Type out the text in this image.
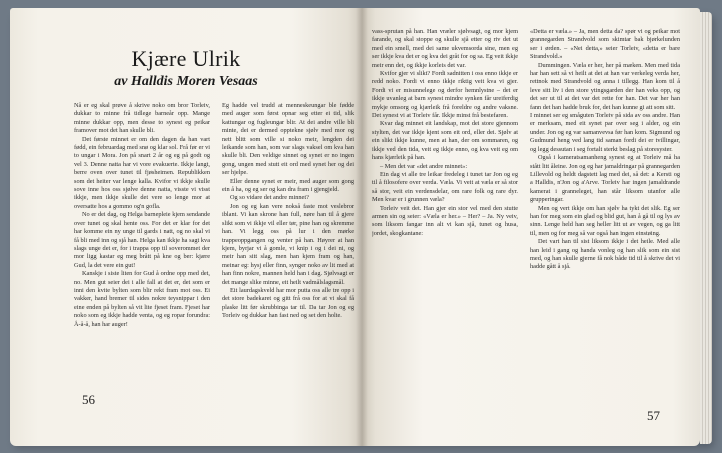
Kjære Ulrik
av Halldis Moren Vesaas

Nå er eg skal prøve å skrive noko om bror Torleiv, dukkar to minne frå tidlege barneår opp. Mange minne dukkar opp, men desse to synest eg peikar framover mot det han skulle bli.

Det første minnet er om den dagen da han vart fødd, ein februardag med snø og klar sol. Frå før er vi to ungar i Mora. Jon på snart 2 år og eg på godt og vel 3. Denne natta har vi vore evakuerte. Ikkje langt, berre oven over tunet til fjøsheimen. Republikken som det heiter var lenge kalla. Kvifor vi ikkje skulle sove inne hos oss sjølve denne natta, visste vi visst ikkje, men ikkje skulle det vere so lenge mor at oversatte hos a gommo og'n gofla.

No er dei dag, og Helga barnepleie kjem sendande over tunet og skal hente oss. For det er klar for det har komme ein ny unge til gards i natt, og no skal vi få bli med inn og sjå han. Helga kan ikkje ha sagt kva slags unge det er, for i trappa opp til soverommet der mor ligg kastar eg meg brått på kne og ber: kjære Gud, la det vere ein gut!

Kanskje i siste liten for Gud å ordne opp med det, no. Men gut seier dei i alle fall at det er, det som er inni den kvite bylten som blir rekt fram mot oss. Ei vakker, hand bremer til sides nokre teysnippar i den eine enden på bylten så vit lite fjeset fram. Fjeset har noko som eg ikkje hadde venta, og eg ropar forundra: Å-å-å, han har auger!

Eg hadde vel trudd at menneskeungar ble fødde med auger som først opnar seg etter ei tid, slik kattungar og fugleungar blir. At dei andre ville bli minte, dei er dermed opptekne sjølv med mor og nett blitt som ville si noko meir, lengden dei leikande som han, som var slags vaksel om kva han skulle bli. Den veldige sinnet og synet er no ingen gong, ungen med stutt eit ord med synet her og dei ser hjelpe.

Eller denne synet er meir, med auger som gong ein å ha, og eg ser og kan dra fram i gjengjeld.

Og so vidare det andre minnet?

Jon og eg kan vere nokså faste mot veslebror iblant. Vi kan skrone han full, nøre han til å gjere slikt som vi ikkje vil eller tør, pine han og skremme han. Vi legg oss på lur i den mørke trappeoppgangen og venter på han. Høyrer at han kjem, byrjar vi å gomle, vi knip i og i dei ni, og meir han sitt slag, men han kjem fram og han, meinar eg: hysj eller finn, synger noko av lit med at han finn nokre, mannen held han i dag. Sjølvsagt er det mange slike minne, eit heilt vadmålslagsmål.

Eit laurdagskveld har mor putta oss alle tre opp i det store badekaret og gitt frå oss for at vi skal få plaske litt før skrubbinga tar til. Da tar Jon og eg Torleiv og dukkar han fast ned og set den holte.

56

vass-sprutan på han. Han vræler sjølvsagt, og mor kjem farande, og skal stoppe og skulle sjå etter og riv det ut med ein smell, med dei same ukvemsorda sine, men eg ser ikkje kva det er og kva dei gråt for og sa. Eg veit ikkje meir enn det, og ikkje korleis det var.

Kvifor gjer vi slikt? Fordi sadnitten i oss enno ikkje er redd noko. Fordi vi enno ikkje riktig veit kva vi gjer. Fordi vi er misunnelege og derfor hemnlystne – det er ikkje uvanleg at barn synest mindre synken får ureiferdig mykje omsorg og kjærleik frå foreldre og andre vaksne. Det synest vi at Torleiv får. Ikkje minst frå bestefaren.

Kvar dag minnet eit landskap, mot dei store gjennom stylten, det var ikkje kjent som eit ord, eller dei. Sjølv at ein slikt ikkje kunne, men at han, der om sommaren, og ikkje ved den tida, veit eg ikkje enno, og kva veit eg om hans kjærleik på han.

– Men det var «det andre minnet»:

Ein dag vi alle tre leikar fredeleg i tunet tar Jon og eg til å filosofere over verda. Væla. Vi veit at væla er så stor så stor, veit ein verdensdelar, om rare folk og rare dyr. Men kvar er i grunnen væla?

Torleiv veit det. Han gjer ein stor vel med den stutte armen sin og seier: «Væla er her.» – Her? – Ja. Ny veiv, som liksom fangar inn alt vi kan sjå, tunet og husa, jordet, skogkantane:

«Detta er væla.» – Ja, men detta da? spør vi og peikar mot grannegarden Strandvold som skimtar bak bjørkelunden ser i ørden. – «Nei detta,» seier Torleiv, «detta er bare Strandvold.»

Dummingen. Væla er her, her på mæken. Men med tida har han sett så vi heilt at det at han var verkeleg verda her, rettnok med Strandvold og anna i tillegg. Han kom til å leve sitt liv i den store ytingsgarden der han veks opp, og det ser ut til at det var det rette for han. Det var her han fann det han hadde bruk for, det han kunne gi att som sitt.

I minnet ser eg småguten Torleiv på sida av oss andre. Han er merksam, med eit synet par over seg i alder, og ein under. Jon og eg var samanvevsa før han kom. Sigmund og Gudmund heng ved lang tid saman fordi dei er tvillingar, og legg dessutan i seg fortalt sterkt beslag på storesyster.

Også i kameratsamanheng synest eg at Torleiv må ha stått litt åleine. Jon og eg har jamaldringar på grannegarden Lillevold og heldt dagstett lag med dei, så det: a Kersti og a Halldis, n'Jon og a'Arve. Torleiv har ingen jamaldrande kamerat i granneleget, han står liksom utanfor alle grupperingar.

Men og vert ikkje om han sjølv ha tykt det slik. Eg ser han for meg som ein glad og blid gut, han å gå til og lys av sinn. Lenge held han seg heller litt ut av vegen, og ga litt til, men og for meg så var også han ingen einstøing.

Det vart han til sist liksom ikkje i det heile. Med alle han leid i gang og handa vonleg og han slik som ein sist med, og han skulle gjerne få nok både tid til å skrive det vi hadde gått å sjå.

57
